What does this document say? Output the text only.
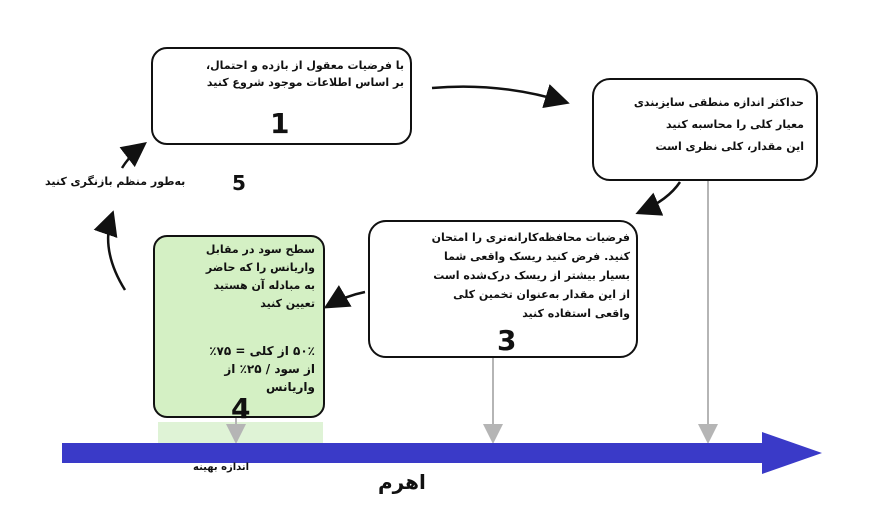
با فرضیات معقول از بازده و احتمال،
بر اساس اطلاعات موجود شروع کنید
1
حداکثر اندازه منطقی سایزبندی
معیار کلی را محاسبه کنید
این مقدار، کلی نظری است
فرضیات محافظه‌کارانه‌تری را امتحان
کنید. فرض کنید ریسک واقعی شما
بسیار بیشتر از ریسک درک‌شده است
از این مقدار به‌عنوان تخمین کلی
واقعی استفاده کنید
3
سطح سود در مقابل
واریانس را که حاضر
به مبادله آن هستید
تعیین کنید
۵۰٪ از کلی = ۷۵٪
از سود / ۲۵٪ از
واریانس
4
به‌طور منظم بازنگری کنید 5
اندازه بهینه
اهرم
